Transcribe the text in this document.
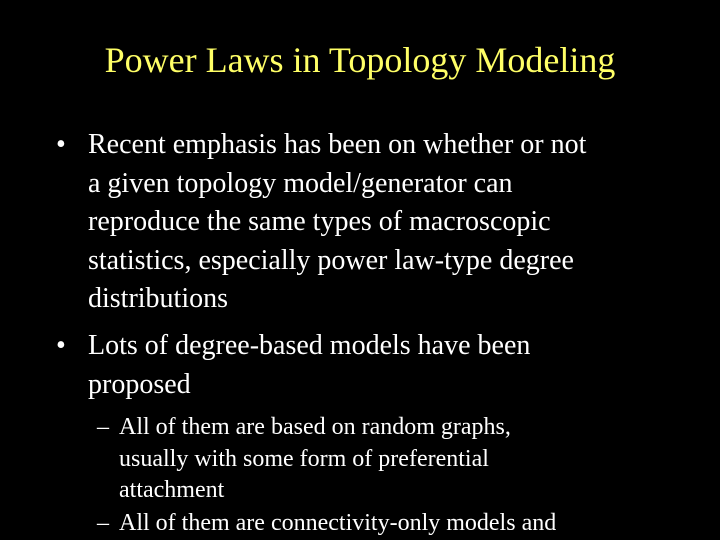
Power Laws in Topology Modeling
• Recent emphasis has been on whether or not
a given topology model/generator can
reproduce the same types of macroscopic
statistics, especially power law-type degree
distributions
• Lots of degree-based models have been
proposed
– All of them are based on random graphs,
usually with some form of preferential
attachment
– All of them are connectivity-only models and
